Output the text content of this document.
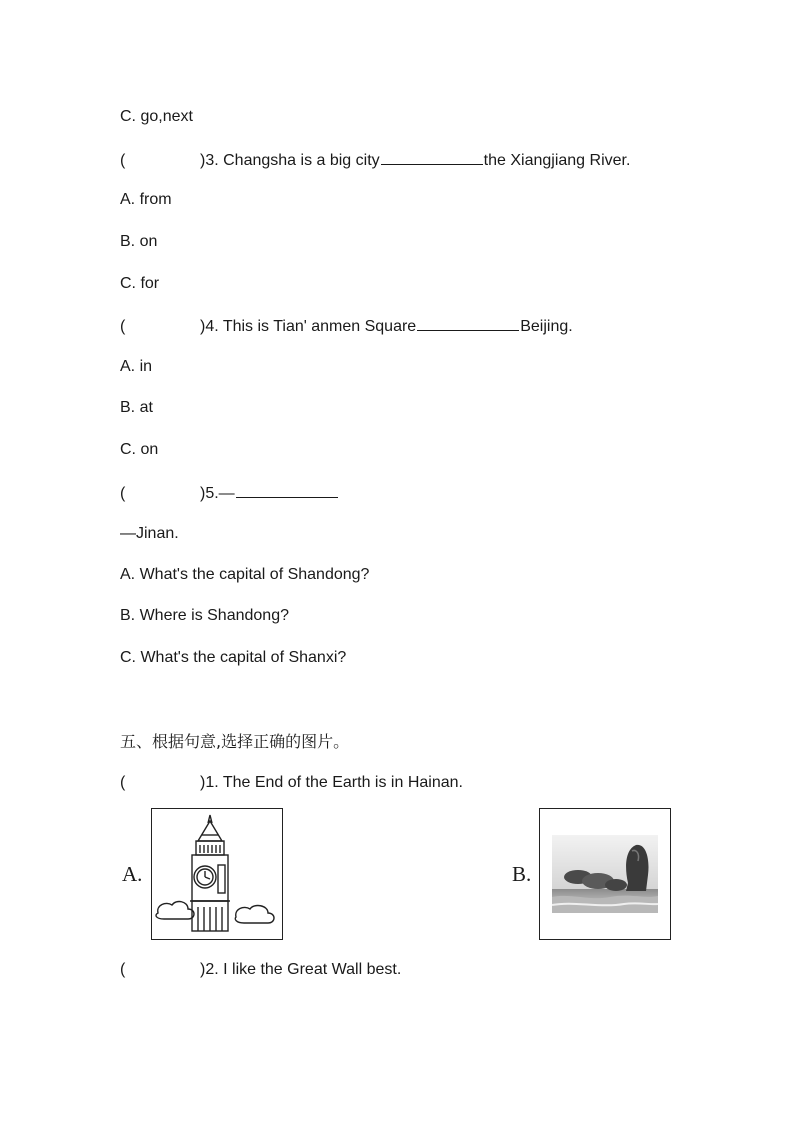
C. go,next
(	)3. Changsha is a big city	the Xiangjiang River.
A. from
B. on
C. for
(	)4. This is Tian' anmen Square	Beijing.
A. in
B. at
C. on
(	)5.—
—Jinan.
A. What's the capital of Shandong?
B. Where is Shandong?
C. What's the capital of Shanxi?
五、根据句意,选择正确的图片。
(	)1. The End of the Earth is in Hainan.
A.	B.
(	)2. I like the Great Wall best.
